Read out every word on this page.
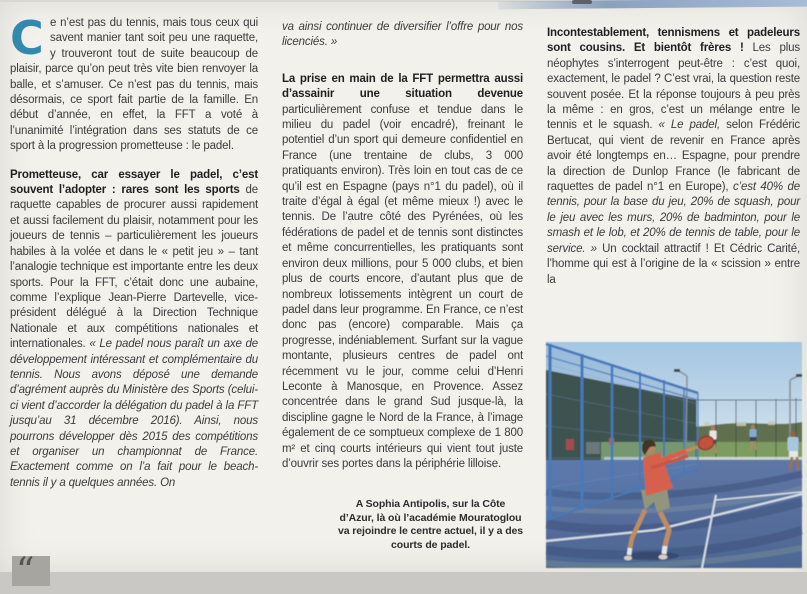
Ce n’est pas du tennis, mais tous ceux qui savent manier tant soit peu une raquette, y trouveront tout de suite beaucoup de plaisir, parce qu’on peut très vite bien renvoyer la balle, et s’amuser. Ce n’est pas du tennis, mais désormais, ce sport fait partie de la famille. En début d’année, en effet, la FFT a voté à l’unanimité l’intégration dans ses statuts de ce sport à la progression prometteuse : le padel.

Prometteuse, car essayer le padel, c’est souvent l’adopter : rares sont les sports de raquette capables de procurer aussi rapidement et aussi facilement du plaisir, notamment pour les joueurs de tennis – particulièrement les joueurs habiles à la volée et dans le « petit jeu » – tant l’analogie technique est importante entre les deux sports. Pour la FFT, c’était donc une aubaine, comme l’explique Jean-Pierre Dartevelle, vice-président délégué à la Direction Technique Nationale et aux compétitions nationales et internationales. « Le padel nous paraît un axe de développement intéressant et complémentaire du tennis. Nous avons déposé une demande d’agrément auprès du Ministère des Sports (celui-ci vient d’accorder la délégation du padel à la FFT jusqu’au 31 décembre 2016). Ainsi, nous pourrons développer dès 2015 des compétitions et organiser un championnat de France. Exactement comme on l’a fait pour le beach-tennis il y a quelques années. On

va ainsi continuer de diversifier l’offre pour nos licenciés. »

La prise en main de la FFT permettra aussi d’assainir une situation devenue particulièrement confuse et tendue dans le milieu du padel (voir encadré), freinant le potentiel d’un sport qui demeure confidentiel en France (une trentaine de clubs, 3 000 pratiquants environ). Très loin en tout cas de ce qu’il est en Espagne (pays n°1 du padel), où il traite d’égal à égal (et même mieux !) avec le tennis. De l’autre côté des Pyrénées, où les fédérations de padel et de tennis sont distinctes et même concurrentielles, les pratiquants sont environ deux millions, pour 5 000 clubs, et bien plus de courts encore, d’autant plus que de nombreux lotissements intègrent un court de padel dans leur programme. En France, ce n’est donc pas (encore) comparable. Mais ça progresse, indéniablement. Surfant sur la vague montante, plusieurs centres de padel ont récemment vu le jour, comme celui d’Henri Leconte à Manosque, en Provence. Assez concentrée dans le grand Sud jusque-là, la discipline gagne le Nord de la France, à l’image également de ce somptueux complexe de 1 800 m² et cinq courts intérieurs qui vient tout juste d’ouvrir ses portes dans la périphérie lilloise.

A Sophia Antipolis, sur la Côte d’Azur, là où l’académie Mouratoglou va rejoindre le centre actuel, il y a des courts de padel.

Incontestablement, tennismens et padeleurs sont cousins. Et bientôt frères ! Les plus néophytes s’interrogent peut-être : c’est quoi, exactement, le padel ? C’est vrai, la question reste souvent posée. Et la réponse toujours à peu près la même : en gros, c’est un mélange entre le tennis et le squash. « Le padel, selon Frédéric Bertucat, qui vient de revenir en France après avoir été longtemps en… Espagne, pour prendre la direction de Dunlop France (le fabricant de raquettes de padel n°1 en Europe), c’est 40% de tennis, pour la base du jeu, 20% de squash, pour le jeu avec les murs, 20% de badminton, pour le smash et le lob, et 20% de tennis de table, pour le service. » Un cocktail attractif ! Et Cédric Carité, l’homme qui est à l’origine de la « scission » entre la

“
